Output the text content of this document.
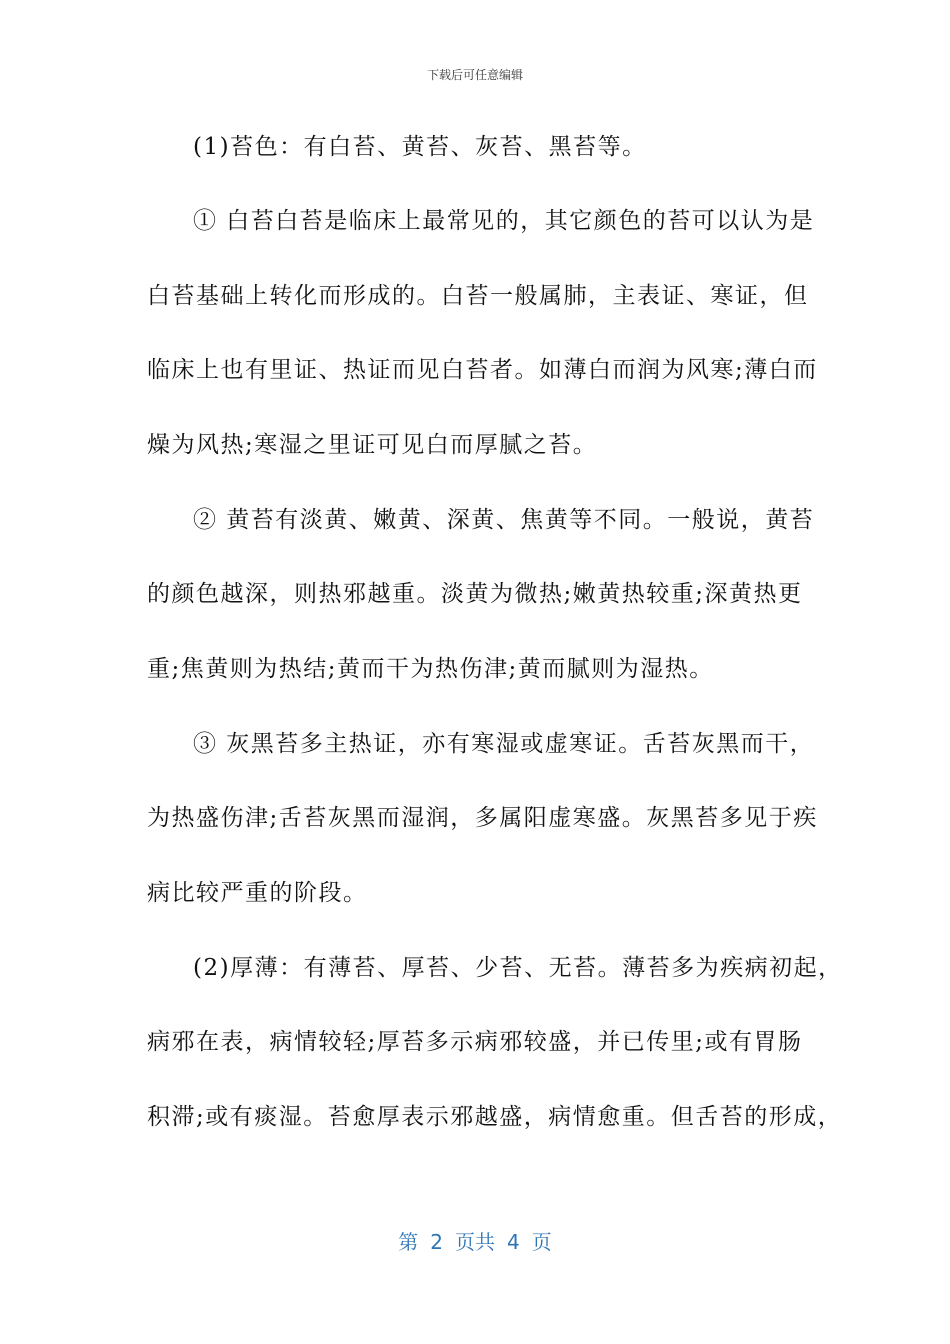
下载后可任意编辑
(1)苔色：有白苔、黄苔、灰苔、黑苔等。
① 白苔白苔是临床上最常见的，其它颜色的苔可以认为是
白苔基础上转化而形成的。白苔一般属肺，主表证、寒证，但
临床上也有里证、热证而见白苔者。如薄白而润为风寒;薄白而
燥为风热;寒湿之里证可见白而厚腻之苔。
② 黄苔有淡黄、嫩黄、深黄、焦黄等不同。一般说，黄苔
的颜色越深，则热邪越重。淡黄为微热;嫩黄热较重;深黄热更
重;焦黄则为热结;黄而干为热伤津;黄而腻则为湿热。
③ 灰黑苔多主热证，亦有寒湿或虚寒证。舌苔灰黑而干，
为热盛伤津;舌苔灰黑而湿润，多属阳虚寒盛。灰黑苔多见于疾
病比较严重的阶段。
(2)厚薄：有薄苔、厚苔、少苔、无苔。薄苔多为疾病初起，
病邪在表，病情较轻;厚苔多示病邪较盛，并已传里;或有胃肠
积滞;或有痰湿。苔愈厚表示邪越盛，病情愈重。但舌苔的形成，
第 2 页共 4 页
